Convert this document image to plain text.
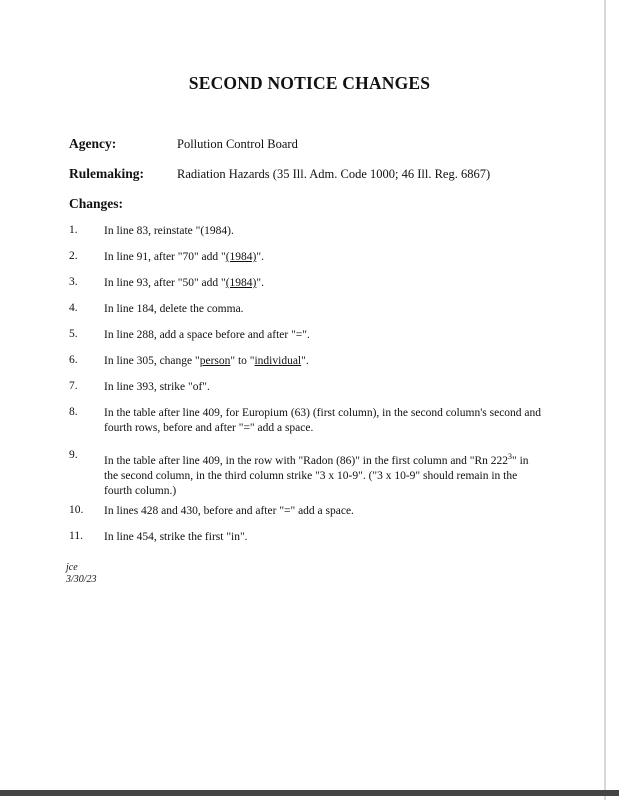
SECOND NOTICE CHANGES
Agency:	Pollution Control Board
Rulemaking:	Radiation Hazards (35 Ill. Adm. Code 1000; 46 Ill. Reg. 6867)
Changes:
1. In line 83, reinstate "(1984).
2. In line 91, after "70" add "(1984)".
3. In line 93, after "50" add "(1984)".
4. In line 184, delete the comma.
5. In line 288, add a space before and after "=".
6. In line 305, change "person" to "individual".
7. In line 393, strike "of".
8. In the table after line 409, for Europium (63) (first column), in the second column's second and fourth rows, before and after "=" add a space.
9. In the table after line 409, in the row with "Radon (86)" in the first column and "Rn $222^3$" in the second column, in the third column strike "3 x 10-9". ("3 x 10-9" should remain in the fourth column.)
10. In lines 428 and 430, before and after "=" add a space.
11. In line 454, strike the first "in".
jce
3/30/23
